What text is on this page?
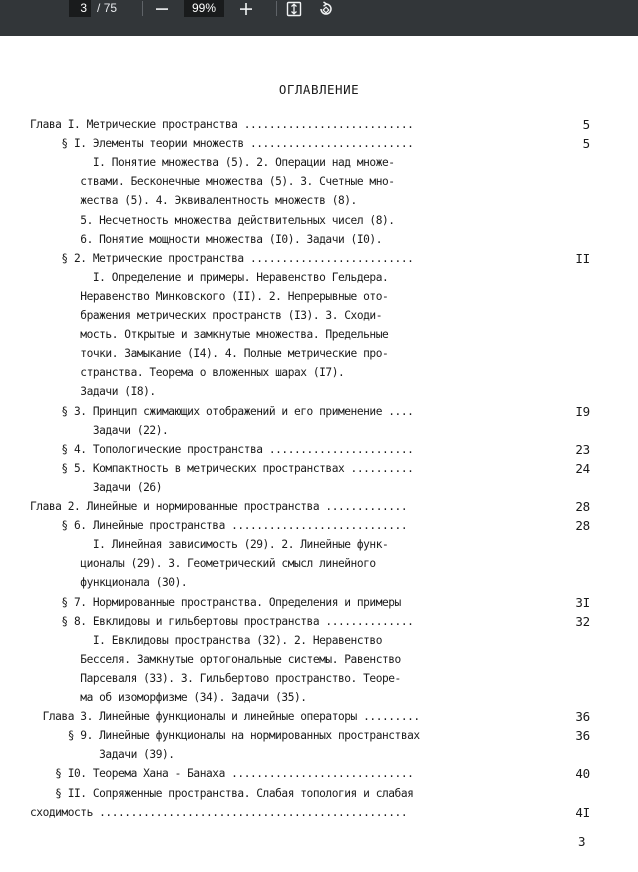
3 / 75	99%
ОГЛАВЛЕНИЕ
Глава I. Метрические пространства ...........................	5
§ I. Элементы теории множеств ..........................	5
I. Понятие множества (5). 2. Операции над множе-
ствами. Бесконечные множества (5). 3. Счетные мно-
жества (5). 4. Эквивалентность множеств (8).
5. Несчетность множества действительных чисел (8).
6. Понятие мощности множества (I0). Задачи (I0).
§ 2. Метрические пространства ..........................	II
I. Определение и примеры. Неравенство Гельдера.
Неравенство Минковского (II). 2. Непрерывные ото-
бражения метрических пространств (I3). 3. Сходи-
мость. Открытые и замкнутые множества. Предельные
точки. Замыкание (I4). 4. Полные метрические про-
странства. Теорема о вложенных шарах (I7).
Задачи (I8).
§ 3. Принцип сжимающих отображений и его применение ....	I9
Задачи (22).
§ 4. Топологические пространства .......................	23
§ 5. Компактность в метрических пространствах ..........	24
Задачи (26)
Глава 2. Линейные и нормированные пространства .............	28
§ 6. Линейные пространства ............................	28
I. Линейная зависимость (29). 2. Линейные функ-
ционалы (29). 3. Геометрический смысл линейного
функционала (30).
§ 7. Нормированные пространства. Определения и примеры	3I
§ 8. Евклидовы и гильбертовы пространства ..............	32
I. Евклидовы пространства (32). 2. Неравенство
Бесселя. Замкнутые ортогональные системы. Равенство
Парсеваля (33). 3. Гильбертово пространство. Теоре-
ма об изоморфизме (34). Задачи (35).
Глава 3. Линейные функционалы и линейные операторы .........	36
§ 9. Линейные функционалы на нормированных пространствах	36
Задачи (39).
§ I0. Теорема Хана - Банаха .............................	40
§ II. Сопряженные пространства. Слабая топология и слабая
сходимость .................................................	4I
3
